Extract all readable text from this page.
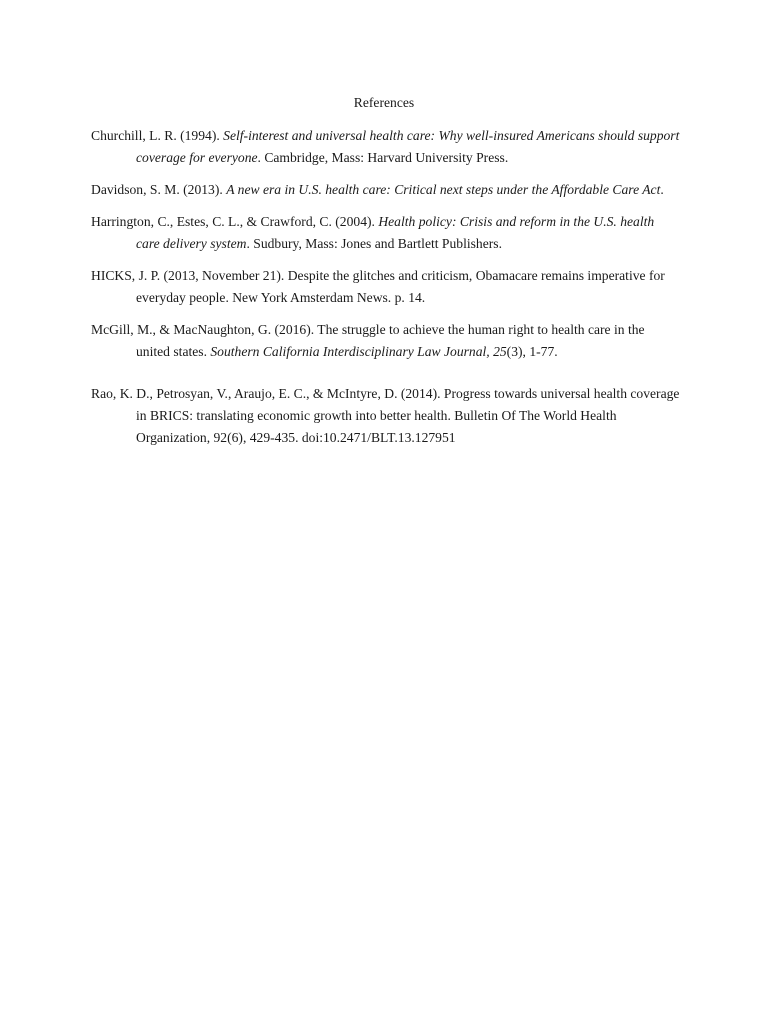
References

Churchill, L. R. (1994). Self-interest and universal health care: Why well-insured Americans should support coverage for everyone. Cambridge, Mass: Harvard University Press.

Davidson, S. M. (2013). A new era in U.S. health care: Critical next steps under the Affordable Care Act.

Harrington, C., Estes, C. L., & Crawford, C. (2004). Health policy: Crisis and reform in the U.S. health care delivery system. Sudbury, Mass: Jones and Bartlett Publishers.

HICKS, J. P. (2013, November 21). Despite the glitches and criticism, Obamacare remains imperative for everyday people. New York Amsterdam News. p. 14.

McGill, M., & MacNaughton, G. (2016). The struggle to achieve the human right to health care in the united states. Southern California Interdisciplinary Law Journal, 25(3), 1-77.

Rao, K. D., Petrosyan, V., Araujo, E. C., & McIntyre, D. (2014). Progress towards universal health coverage in BRICS: translating economic growth into better health. Bulletin Of The World Health Organization, 92(6), 429-435. doi:10.2471/BLT.13.127951
